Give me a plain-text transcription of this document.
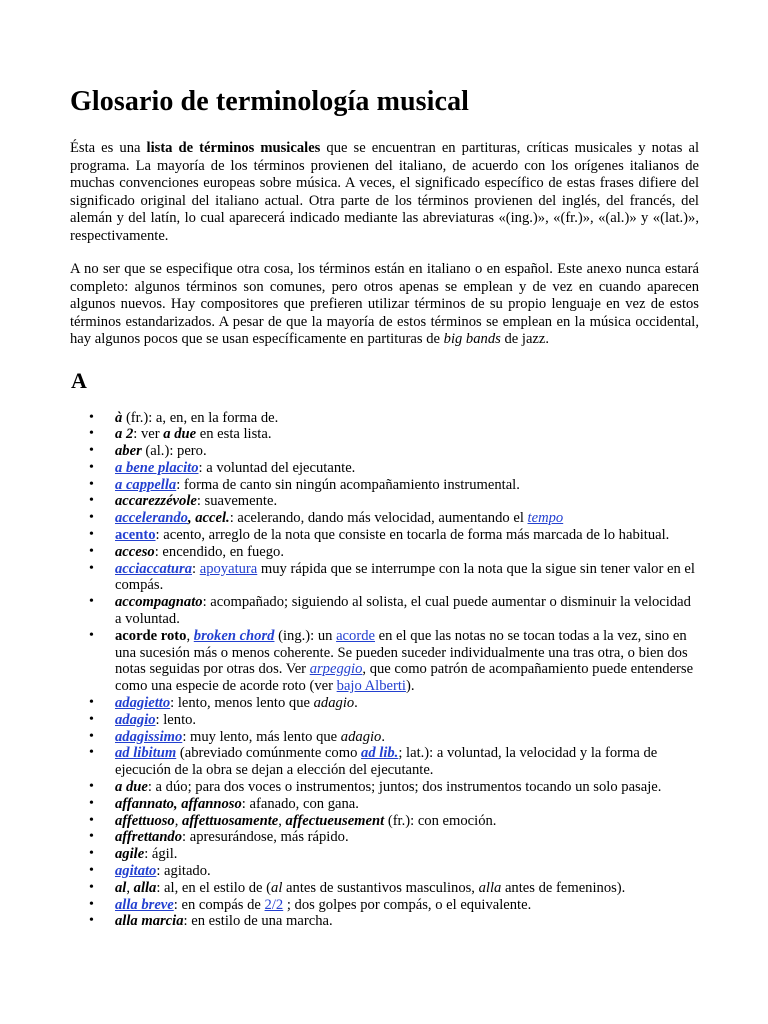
Glosario de terminología musical

Ésta es una lista de términos musicales que se encuentran en partituras, críticas musicales y notas al programa. La mayoría de los términos provienen del italiano, de acuerdo con los orígenes italianos de muchas convenciones europeas sobre música. A veces, el significado específico de estas frases difiere del significado original del italiano actual. Otra parte de los términos provienen del inglés, del francés, del alemán y del latín, lo cual aparecerá indicado mediante las abreviaturas «(ing.)», «(fr.)», «(al.)» y «(lat.)», respectivamente.

A no ser que se especifique otra cosa, los términos están en italiano o en español. Este anexo nunca estará completo: algunos términos son comunes, pero otros apenas se emplean y de vez en cuando aparecen algunos nuevos. Hay compositores que prefieren utilizar términos de su propio lenguaje en vez de estos términos estandarizados. A pesar de que la mayoría de estos términos se emplean en la música occidental, hay algunos pocos que se usan específicamente en partituras de big bands de jazz.

A
• à (fr.): a, en, en la forma de.
• a 2: ver a due en esta lista.
• aber (al.): pero.
• a bene placito: a voluntad del ejecutante.
• a cappella: forma de canto sin ningún acompañamiento instrumental.
• accarezzévole: suavemente.
• accelerando, accel.: acelerando, dando más velocidad, aumentando el tempo
• acento: acento, arreglo de la nota que consiste en tocarla de forma más marcada de lo habitual.
• acceso: encendido, en fuego.
• acciaccatura: apoyatura muy rápida que se interrumpe con la nota que la sigue sin tener valor en el compás.
• accompagnato: acompañado; siguiendo al solista, el cual puede aumentar o disminuir la velocidad a voluntad.
• acorde roto, broken chord (ing.): un acorde en el que las notas no se tocan todas a la vez, sino en una sucesión más o menos coherente. Se pueden suceder individualmente una tras otra, o bien dos notas seguidas por otras dos. Ver arpeggio, que como patrón de acompañamiento puede entenderse como una especie de acorde roto (ver bajo Alberti).
• adagietto: lento, menos lento que adagio.
• adagio: lento.
• adagissimo: muy lento, más lento que adagio.
• ad libitum (abreviado comúnmente como ad lib.; lat.): a voluntad, la velocidad y la forma de ejecución de la obra se dejan a elección del ejecutante.
• a due: a dúo; para dos voces o instrumentos; juntos; dos instrumentos tocando un solo pasaje.
• affannato, affannoso: afanado, con gana.
• affettuoso, affettuosamente, affectueusement (fr.): con emoción.
• affrettando: apresurándose, más rápido.
• agile: ágil.
• agitato: agitado.
• al, alla: al, en el estilo de (al antes de sustantivos masculinos, alla antes de femeninos).
• alla breve: en compás de 2/2 ; dos golpes por compás, o el equivalente.
• alla marcia: en estilo de una marcha.
